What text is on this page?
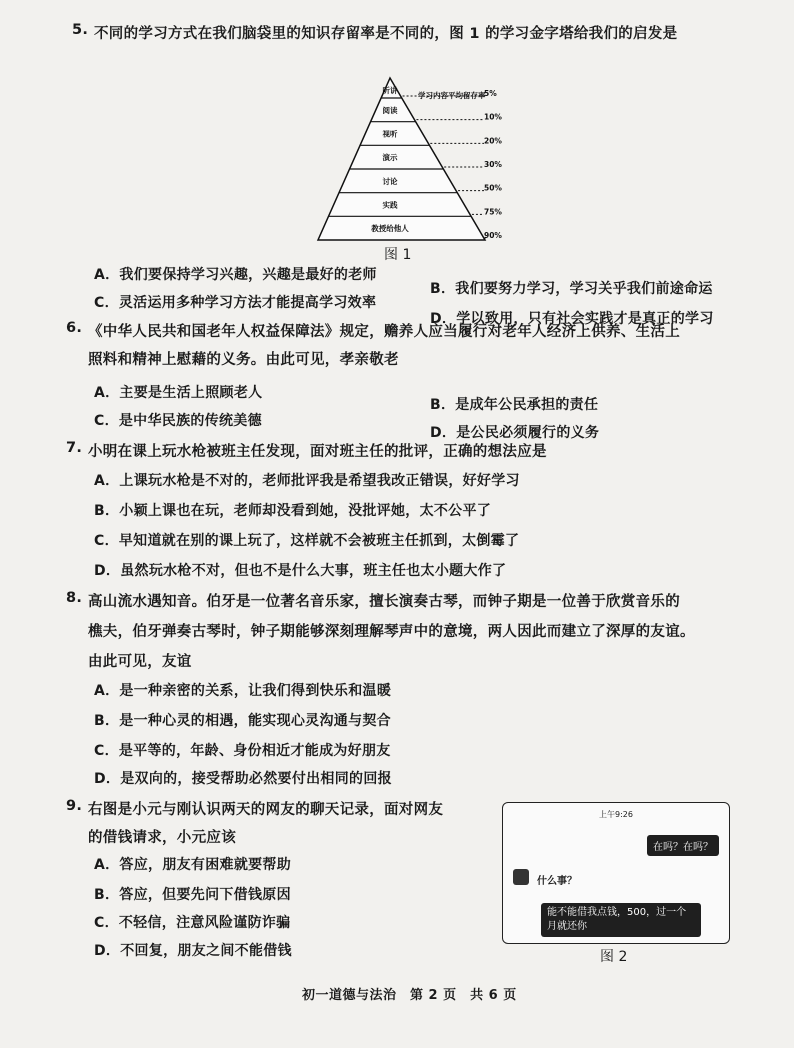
5. 不同的学习方式在我们脑袋里的知识存留率是不同的，图 1 的学习金字塔给我们的启发是
学习内容平均留存率
听讲	5%
阅读
10%
视听
20%
演示
30%
讨论
50%
实践
75%
教授给他人
90%
图 1
A．我们要保持学习兴趣，兴趣是最好的老师
B．我们要努力学习，学习关乎我们前途命运
C．灵活运用多种学习方法才能提高学习效率
D．学以致用，只有社会实践才是真正的学习
6. 《中华人民共和国老年人权益保障法》规定，赡养人应当履行对老年人经济上供养、生活上
照料和精神上慰藉的义务。由此可见，孝亲敬老
A．主要是生活上照顾老人
B．是成年公民承担的责任
C．是中华民族的传统美德
D．是公民必须履行的义务
7. 小明在课上玩水枪被班主任发现，面对班主任的批评，正确的想法应是
A．上课玩水枪是不对的，老师批评我是希望我改正错误，好好学习
B．小颖上课也在玩，老师却没看到她，没批评她，太不公平了
C．早知道就在别的课上玩了，这样就不会被班主任抓到，太倒霉了
D．虽然玩水枪不对，但也不是什么大事，班主任也太小题大作了
8. 高山流水遇知音。伯牙是一位著名音乐家，擅长演奏古琴，而钟子期是一位善于欣赏音乐的
樵夫，伯牙弹奏古琴时，钟子期能够深刻理解琴声中的意境，两人因此而建立了深厚的友谊。
由此可见，友谊
A．是一种亲密的关系，让我们得到快乐和温暖
B．是一种心灵的相遇，能实现心灵沟通与契合
C．是平等的，年龄、身份相近才能成为好朋友
D．是双向的，接受帮助必然要付出相同的回报
9. 右图是小元与刚认识两天的网友的聊天记录，面对网友
的借钱请求，小元应该
A．答应，朋友有困难就要帮助
B．答应，但要先问下借钱原因
C．不轻信，注意风险谨防诈骗
D．不回复，朋友之间不能借钱
上午9:26
在吗？在吗？
什么事？
能不能借我点钱，500，过一个月就还你
图 2
初一道德与法治　第 2 页　共 6 页
